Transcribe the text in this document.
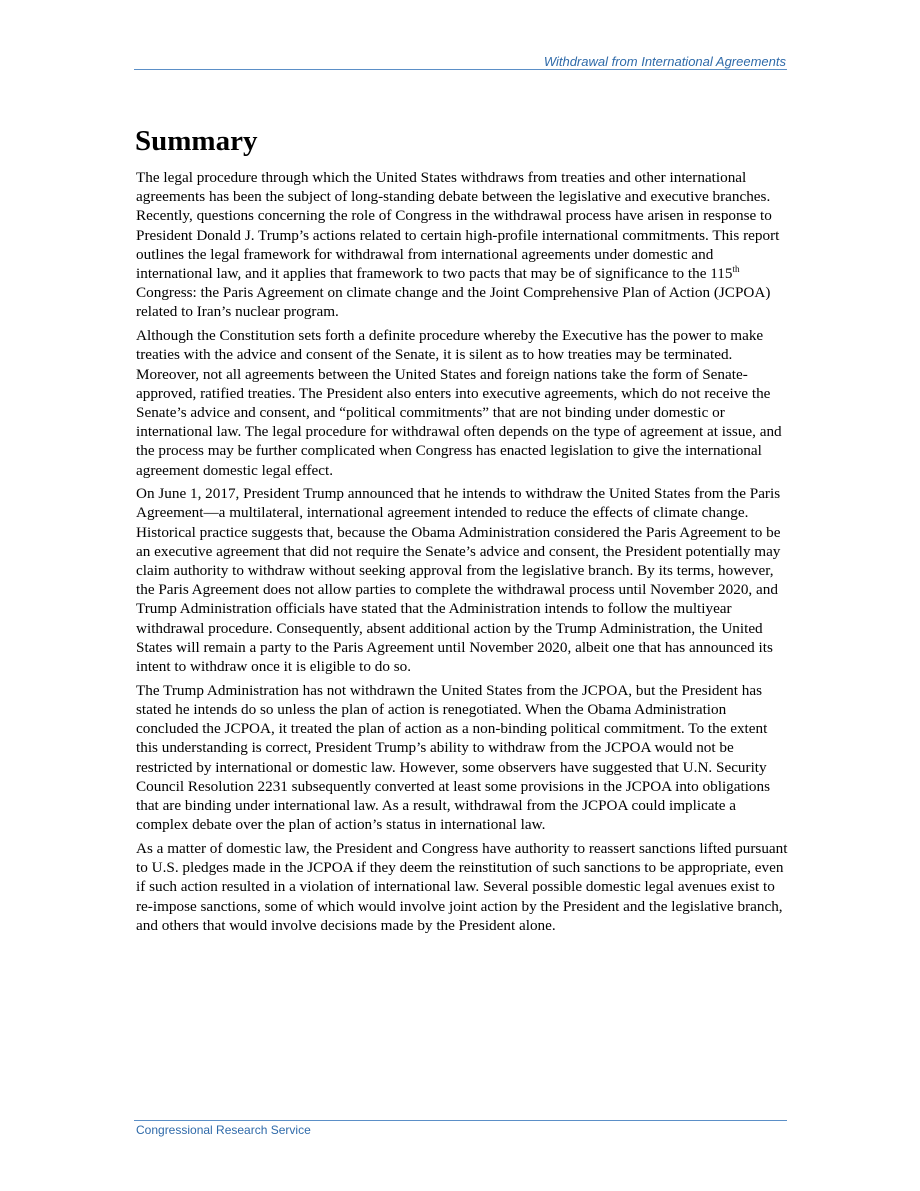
Withdrawal from International Agreements
Summary

The legal procedure through which the United States withdraws from treaties and other international agreements has been the subject of long-standing debate between the legislative and executive branches. Recently, questions concerning the role of Congress in the withdrawal process have arisen in response to President Donald J. Trump’s actions related to certain high-profile international commitments. This report outlines the legal framework for withdrawal from international agreements under domestic and international law, and it applies that framework to two pacts that may be of significance to the 115th Congress: the Paris Agreement on climate change and the Joint Comprehensive Plan of Action (JCPOA) related to Iran’s nuclear program.

Although the Constitution sets forth a definite procedure whereby the Executive has the power to make treaties with the advice and consent of the Senate, it is silent as to how treaties may be terminated. Moreover, not all agreements between the United States and foreign nations take the form of Senate-approved, ratified treaties. The President also enters into executive agreements, which do not receive the Senate’s advice and consent, and “political commitments” that are not binding under domestic or international law. The legal procedure for withdrawal often depends on the type of agreement at issue, and the process may be further complicated when Congress has enacted legislation to give the international agreement domestic legal effect.

On June 1, 2017, President Trump announced that he intends to withdraw the United States from the Paris Agreement—a multilateral, international agreement intended to reduce the effects of climate change. Historical practice suggests that, because the Obama Administration considered the Paris Agreement to be an executive agreement that did not require the Senate’s advice and consent, the President potentially may claim authority to withdraw without seeking approval from the legislative branch. By its terms, however, the Paris Agreement does not allow parties to complete the withdrawal process until November 2020, and Trump Administration officials have stated that the Administration intends to follow the multiyear withdrawal procedure. Consequently, absent additional action by the Trump Administration, the United States will remain a party to the Paris Agreement until November 2020, albeit one that has announced its intent to withdraw once it is eligible to do so.

The Trump Administration has not withdrawn the United States from the JCPOA, but the President has stated he intends do so unless the plan of action is renegotiated. When the Obama Administration concluded the JCPOA, it treated the plan of action as a non-binding political commitment. To the extent this understanding is correct, President Trump’s ability to withdraw from the JCPOA would not be restricted by international or domestic law. However, some observers have suggested that U.N. Security Council Resolution 2231 subsequently converted at least some provisions in the JCPOA into obligations that are binding under international law. As a result, withdrawal from the JCPOA could implicate a complex debate over the plan of action’s status in international law.

As a matter of domestic law, the President and Congress have authority to reassert sanctions lifted pursuant to U.S. pledges made in the JCPOA if they deem the reinstitution of such sanctions to be appropriate, even if such action resulted in a violation of international law. Several possible domestic legal avenues exist to re-impose sanctions, some of which would involve joint action by the President and the legislative branch, and others that would involve decisions made by the President alone.

Congressional Research Service
